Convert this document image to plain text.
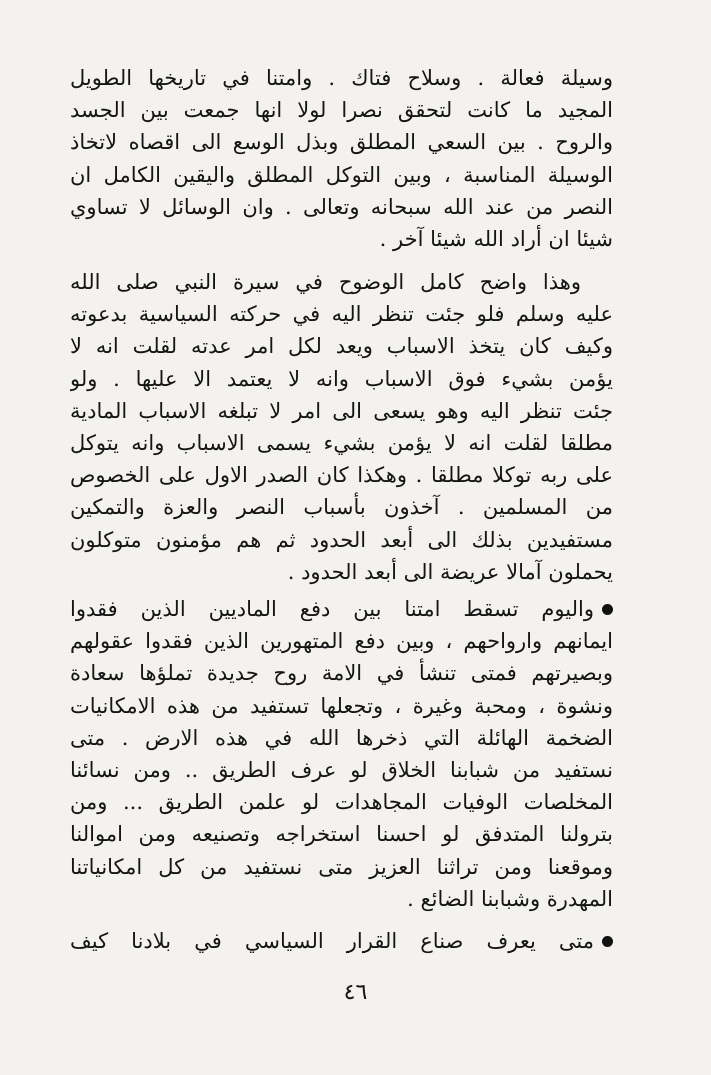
وسيلة فعالة . وسلاح فتاك . وامتنا في تاريخها الطويل
المجيد ما كانت لتحقق نصرا لولا انها جمعت بين الجسد
والروح . بين السعي المطلق وبذل الوسع الى اقصاه لاتخاذ
الوسيلة المناسبة ، وبين التوكل المطلق واليقين الكامل ان
النصر من عند الله سبحانه وتعالى . وان الوسائل لا تساوي
شيئا ان أراد الله شيئا آخر .
وهذا واضح كامل الوضوح في سيرة النبي صلى الله
عليه وسلم فلو جئت تنظر اليه في حركته السياسية بدعوته
وكيف كان يتخذ الاسباب ويعد لكل امر عدته لقلت انه لا
يؤمن بشيء فوق الاسباب وانه لا يعتمد الا عليها . ولو
جئت تنظر اليه وهو يسعى الى امر لا تبلغه الاسباب المادية
مطلقا لقلت انه لا يؤمن بشيء يسمى الاسباب وانه يتوكل
على ربه توكلا مطلقا . وهكذا كان الصدر الاول على الخصوص
من المسلمين . آخذون بأسباب النصر والعزة والتمكين
مستفيدين بذلك الى أبعد الحدود ثم هم مؤمنون متوكلون
يحملون آمالا عريضة الى أبعد الحدود .
واليوم تسقط امتنا بين دفع الماديين الذين فقدوا
ايمانهم وارواحهم ، وبين دفع المتهورين الذين فقدوا عقولهم
وبصيرتهم فمتى تنشأ في الامة روح جديدة تملؤها سعادة
ونشوة ، ومحبة وغيرة ، وتجعلها تستفيد من هذه الامكانيات
الضخمة الهائلة التي ذخرها الله في هذه الارض . متى
نستفيد من شبابنا الخلاق لو عرف الطريق .. ومن نسائنا
المخلصات الوفيات المجاهدات لو علمن الطريق ... ومن
بترولنا المتدفق لو احسنا استخراجه وتصنيعه ومن اموالنا
وموقعنا ومن تراثنا العزيز متى نستفيد من كل امكانياتنا
المهدرة وشبابنا الضائع .
متى يعرف صناع القرار السياسي في بلادنا كيف
٤٦
